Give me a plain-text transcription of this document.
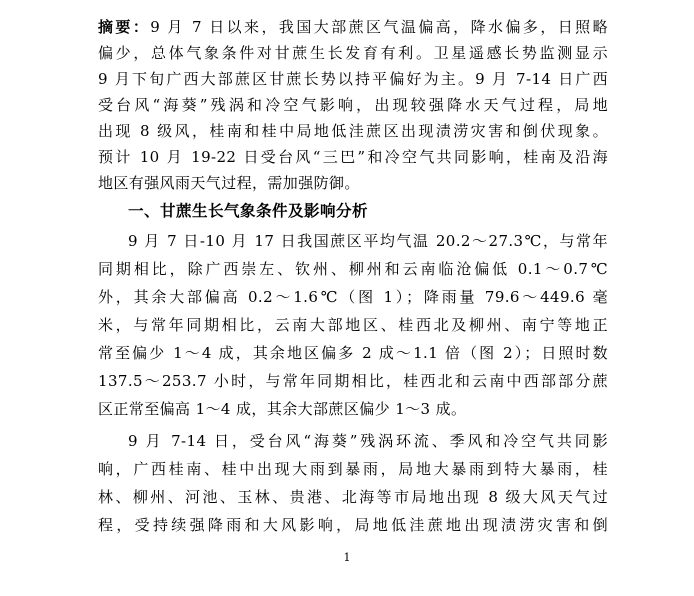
摘要：9 月 7 日以来，我国大部蔗区气温偏高，降水偏多，日照略
偏少，总体气象条件对甘蔗生长发育有利。卫星遥感长势监测显示
9 月下旬广西大部蔗区甘蔗长势以持平偏好为主。9 月 7-14 日广西
受台风“海葵”残涡和冷空气影响，出现较强降水天气过程，局地
出现 8 级风，桂南和桂中局地低洼蔗区出现渍涝灾害和倒伏现象。
预计 10 月 19-22 日受台风“三巴”和冷空气共同影响，桂南及沿海
地区有强风雨天气过程，需加强防御。
一、甘蔗生长气象条件及影响分析
9 月 7 日-10 月 17 日我国蔗区平均气温 20.2～27.3℃，与常年
同期相比，除广西崇左、钦州、柳州和云南临沧偏低 0.1～0.7℃
外，其余大部偏高 0.2～1.6℃（图 1）；降雨量 79.6～449.6 毫
米，与常年同期相比，云南大部地区、桂西北及柳州、南宁等地正
常至偏少 1～4 成，其余地区偏多 2 成～1.1 倍（图 2）；日照时数
137.5～253.7 小时，与常年同期相比，桂西北和云南中西部部分蔗
区正常至偏高 1～4 成，其余大部蔗区偏少 1～3 成。
9 月 7-14 日，受台风“海葵”残涡环流、季风和冷空气共同影
响，广西桂南、桂中出现大雨到暴雨，局地大暴雨到特大暴雨，桂
林、柳州、河池、玉林、贵港、北海等市局地出现 8 级大风天气过
程，受持续强降雨和大风影响，局地低洼蔗地出现渍涝灾害和倒
1
